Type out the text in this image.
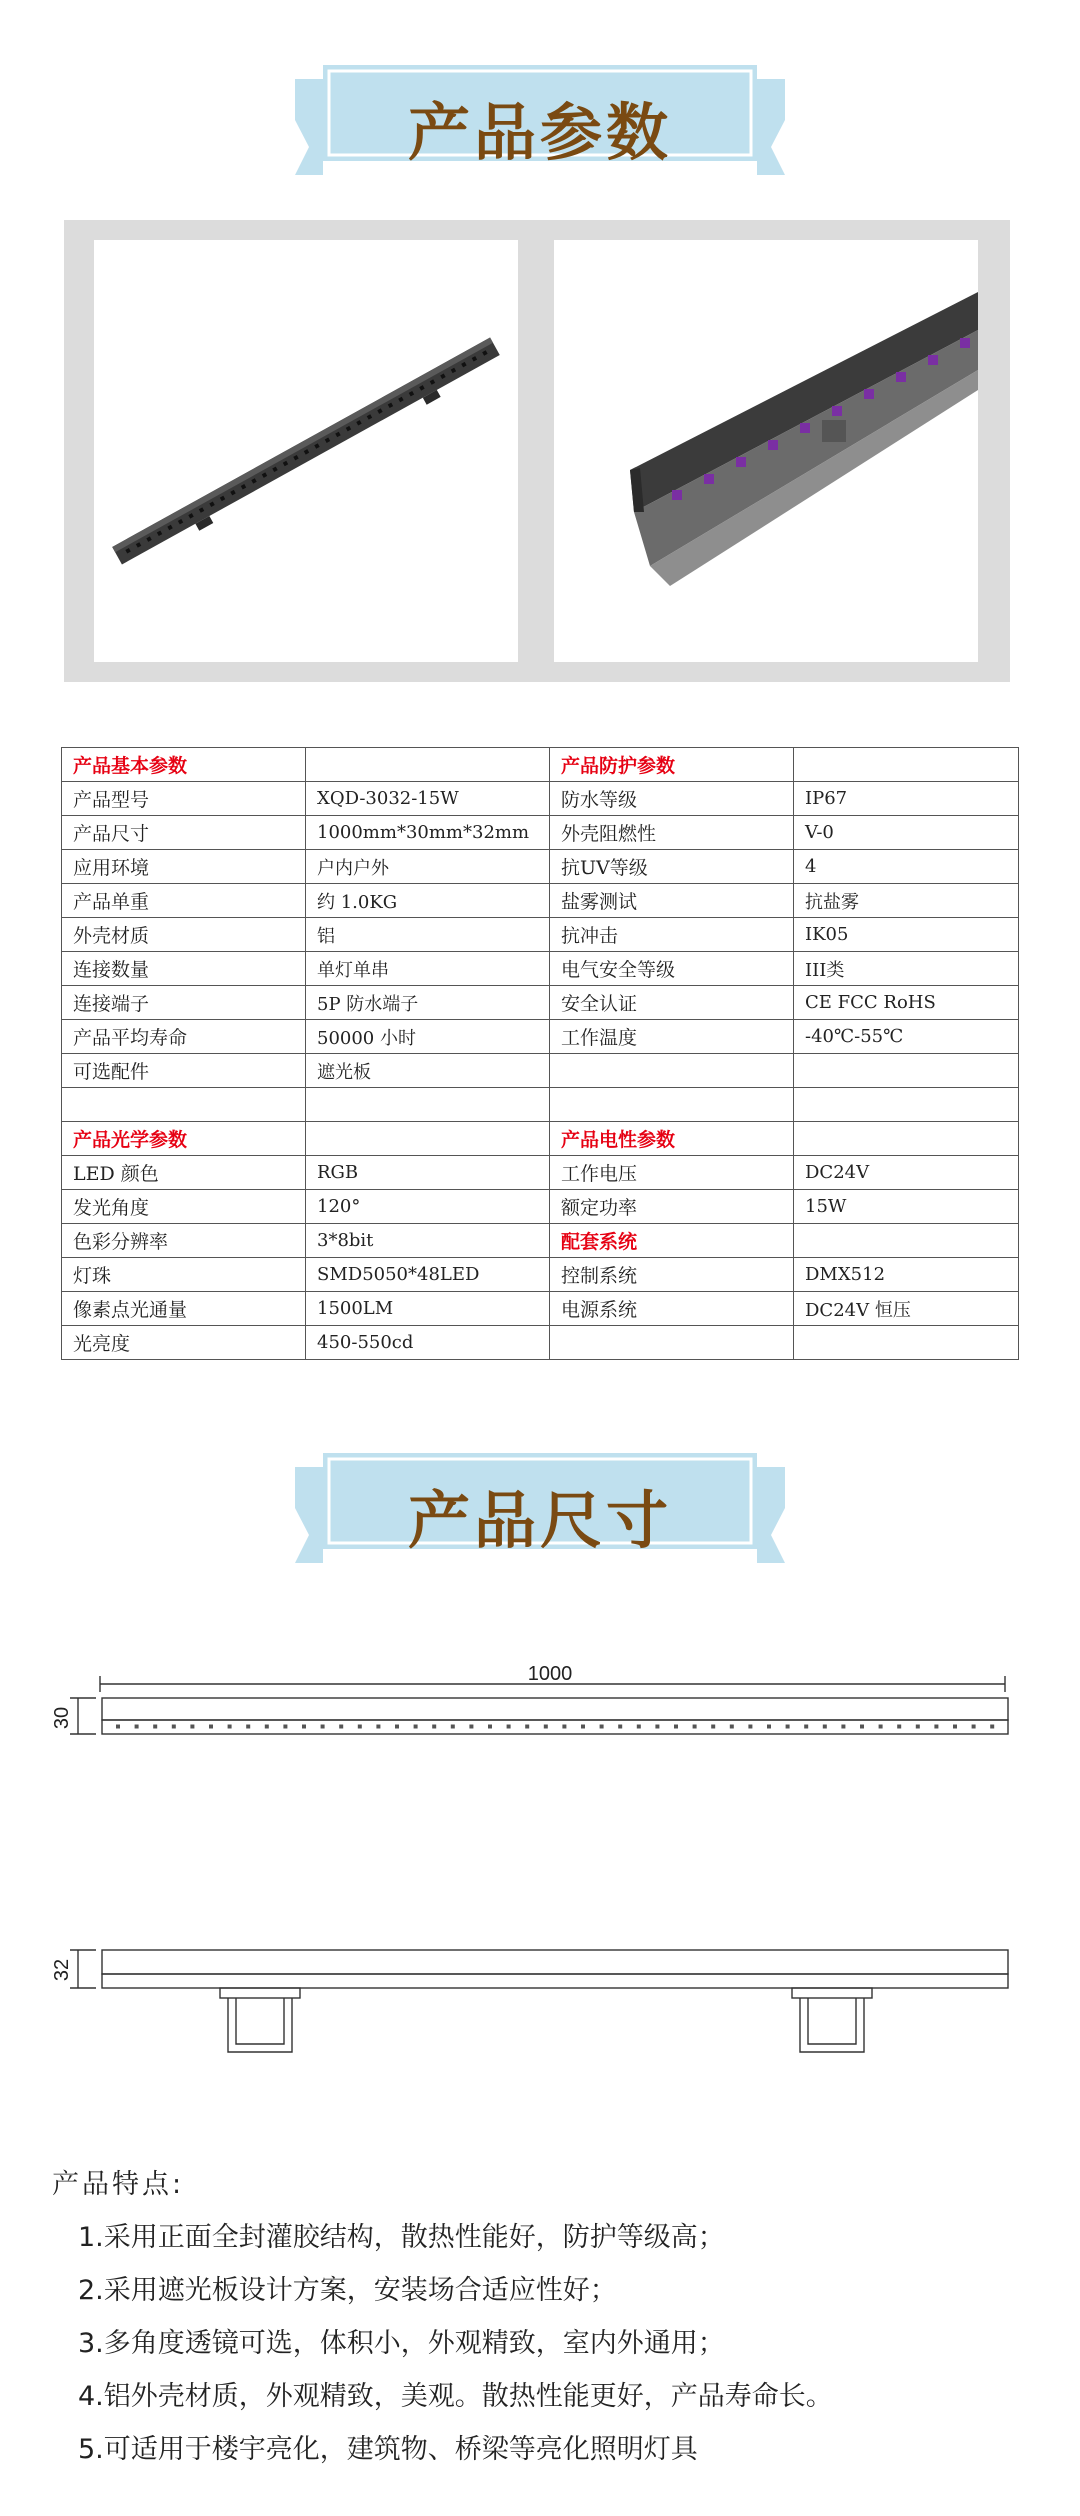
产品参数
产品基本参数		产品防护参数	
产品型号	XQD-3032-15W	防水等级	IP67
产品尺寸	1000mm*30mm*32mm	外壳阻燃性	V-0
应用环境	户内户外	抗UV等级	4
产品单重	约 1.0KG	盐雾测试	抗盐雾
外壳材质	铝	抗冲击	IK05
连接数量	单灯单串	电气安全等级	III类
连接端子	5P 防水端子	安全认证	CE FCC RoHS
产品平均寿命	50000 小时	工作温度	-40℃-55℃
可选配件	遮光板		

产品光学参数		产品电性参数	
LED 颜色	RGB	工作电压	DC24V
发光角度	120°	额定功率	15W
色彩分辨率	3*8bit	配套系统	
灯珠	SMD5050*48LED	控制系统	DMX512
像素点光通量	1500LM	电源系统	DC24V 恒压
光亮度	450-550cd		
产品尺寸
1000
30
32
产品特点:
1.采用正面全封灌胶结构，散热性能好，防护等级高；
2.采用遮光板设计方案，安装场合适应性好；
3.多角度透镜可选，体积小，外观精致，室内外通用；
4.铝外壳材质，外观精致，美观。散热性能更好，产品寿命长。
5.可适用于楼宇亮化，建筑物、桥梁等亮化照明灯具
